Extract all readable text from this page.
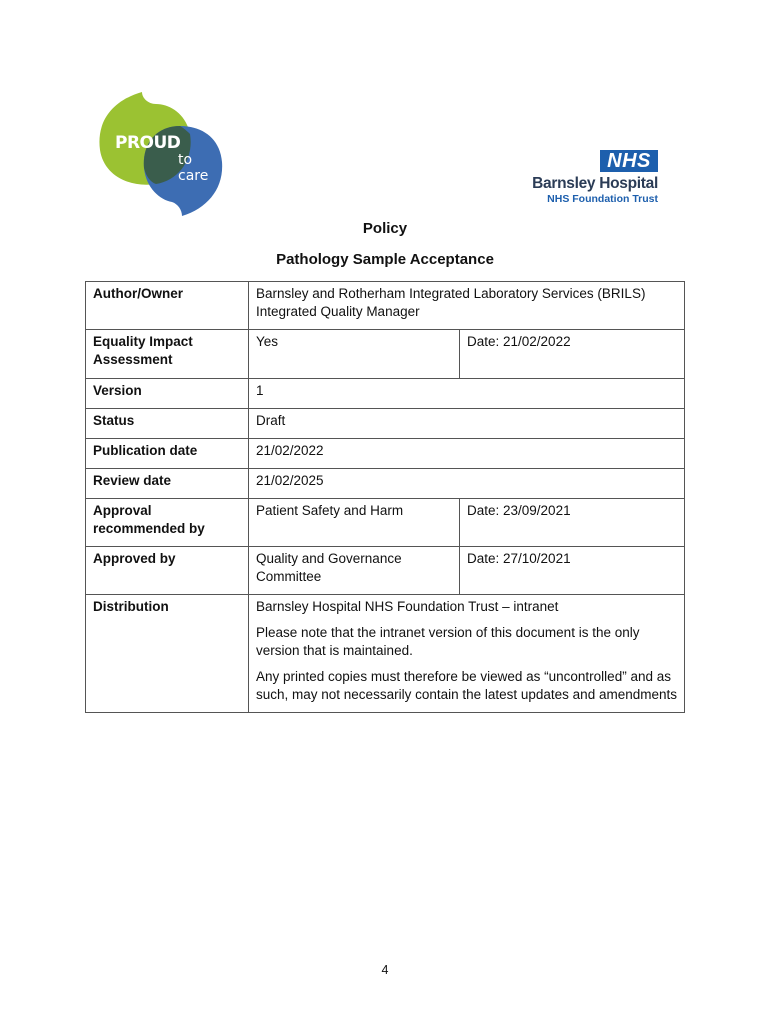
PROUD
to
care
NHS
Barnsley Hospital
NHS Foundation Trust
Policy
Pathology Sample Acceptance
Author/Owner	Barnsley and Rotherham Integrated Laboratory Services (BRILS) Integrated Quality Manager	
Equality Impact Assessment	Yes	Date: 21/02/2022
Version	1	
Status	Draft	
Publication date	21/02/2022	
Review date	21/02/2025	
Approval recommended by	Patient Safety and Harm	Date: 23/09/2021
Approved by	Quality and Governance Committee	Date: 27/10/2021
Distribution	Barnsley Hospital NHS Foundation Trust – intranet

Please note that the intranet version of this document is the only version that is maintained.

Any printed copies must therefore be viewed as “uncontrolled” and as such, may not necessarily contain the latest updates and amendments	

4
